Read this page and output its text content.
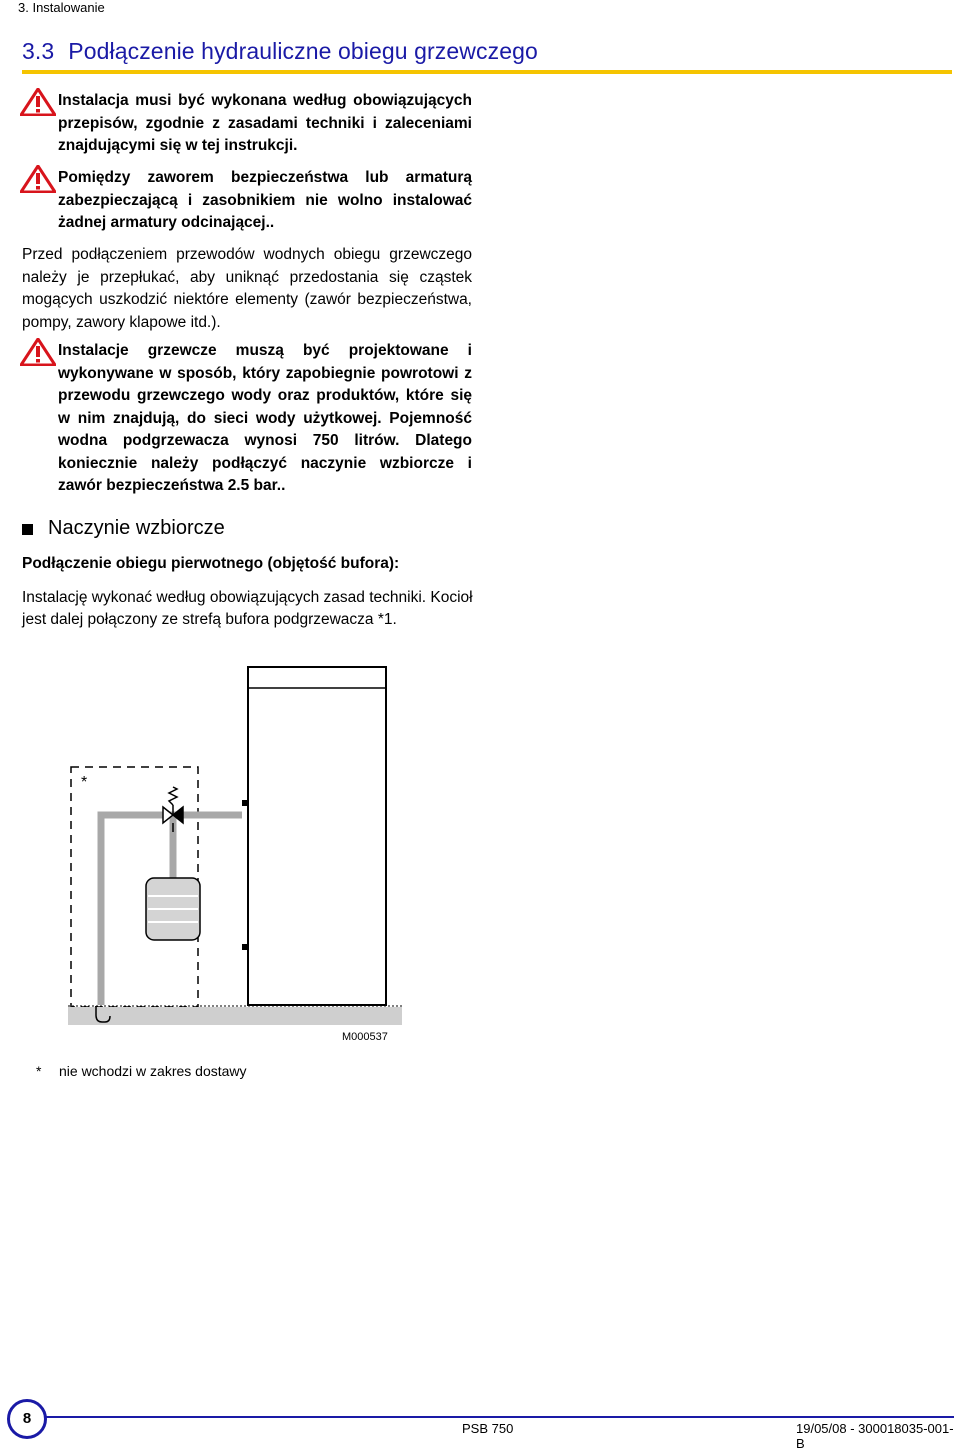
3. Instalowanie
3.3 Podłączenie hydrauliczne obiegu grzewczego
Instalacja musi być wykonana według obowiązujących przepisów, zgodnie z zasadami techniki i zaleceniami znajdującymi się w tej instrukcji.
Pomiędzy zaworem bezpieczeństwa lub armaturą zabezpieczającą i zasobnikiem nie wolno instalować żadnej armatury odcinającej..
Przed podłączeniem przewodów wodnych obiegu grzewczego należy je przepłukać, aby uniknąć przedostania się cząstek mogących uszkodzić niektóre elementy (zawór bezpieczeństwa, pompy, zawory klapowe itd.).
Instalacje grzewcze muszą być projektowane i wykonywane w sposób, który zapobiegnie powrotowi z przewodu grzewczego wody oraz produktów, które się w nim znajdują, do sieci wody użytkowej. Pojemność wodna podgrzewacza wynosi 750 litrów. Dlatego koniecznie należy podłączyć naczynie wzbiorcze i zawór bezpieczeństwa 2.5 bar..
Naczynie wzbiorcze
Podłączenie obiegu pierwotnego (objętość bufora):
Instalację wykonać według obowiązujących zasad techniki. Kocioł jest dalej połączony ze strefą bufora podgrzewacza *1.
*
M000537
* nie wchodzi w zakres dostawy
8
PSB 750	19/05/08 - 300018035-001-B
